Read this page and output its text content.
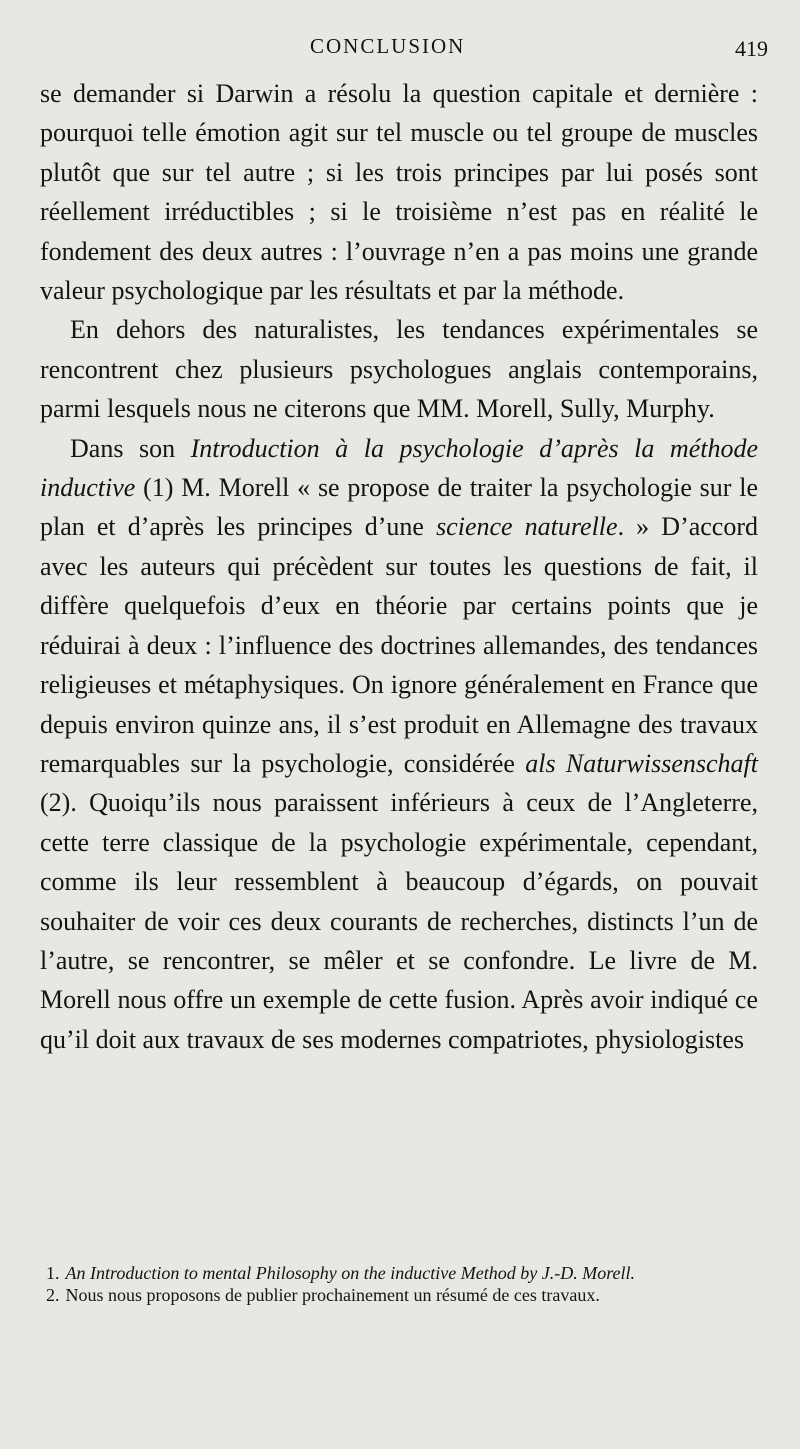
CONCLUSION	419

se demander si Darwin a résolu la question capitale et dernière : pourquoi telle émotion agit sur tel muscle ou tel groupe de muscles plutôt que sur tel autre ; si les trois principes par lui posés sont réellement irréductibles ; si le troisième n’est pas en réalité le fondement des deux autres : l’ouvrage n’en a pas moins une grande valeur psychologique par les résultats et par la méthode.

En dehors des naturalistes, les tendances expérimentales se rencontrent chez plusieurs psychologues anglais contemporains, parmi lesquels nous ne citerons que MM. Morell, Sully, Murphy.

Dans son Introduction à la psychologie d’après la méthode inductive (1) M. Morell « se propose de traiter la psychologie sur le plan et d’après les principes d’une science naturelle. » D’accord avec les auteurs qui précèdent sur toutes les questions de fait, il diffère quelquefois d’eux en théorie par certains points que je réduirai à deux : l’influence des doctrines allemandes, des tendances religieuses et métaphysiques. On ignore généralement en France que depuis environ quinze ans, il s’est produit en Allemagne des travaux remarquables sur la psychologie, considérée als Naturwissenschaft (2). Quoiqu’ils nous paraissent inférieurs à ceux de l’Angleterre, cette terre classique de la psychologie expérimentale, cependant, comme ils leur ressemblent à beaucoup d’égards, on pouvait souhaiter de voir ces deux courants de recherches, distincts l’un de l’autre, se rencontrer, se mêler et se confondre. Le livre de M. Morell nous offre un exemple de cette fusion. Après avoir indiqué ce qu’il doit aux travaux de ses modernes compatriotes, physiologistes

1. An Introduction to mental Philosophy on the inductive Method by J.-D. Morell.

2. Nous nous proposons de publier prochainement un résumé de ces travaux.
